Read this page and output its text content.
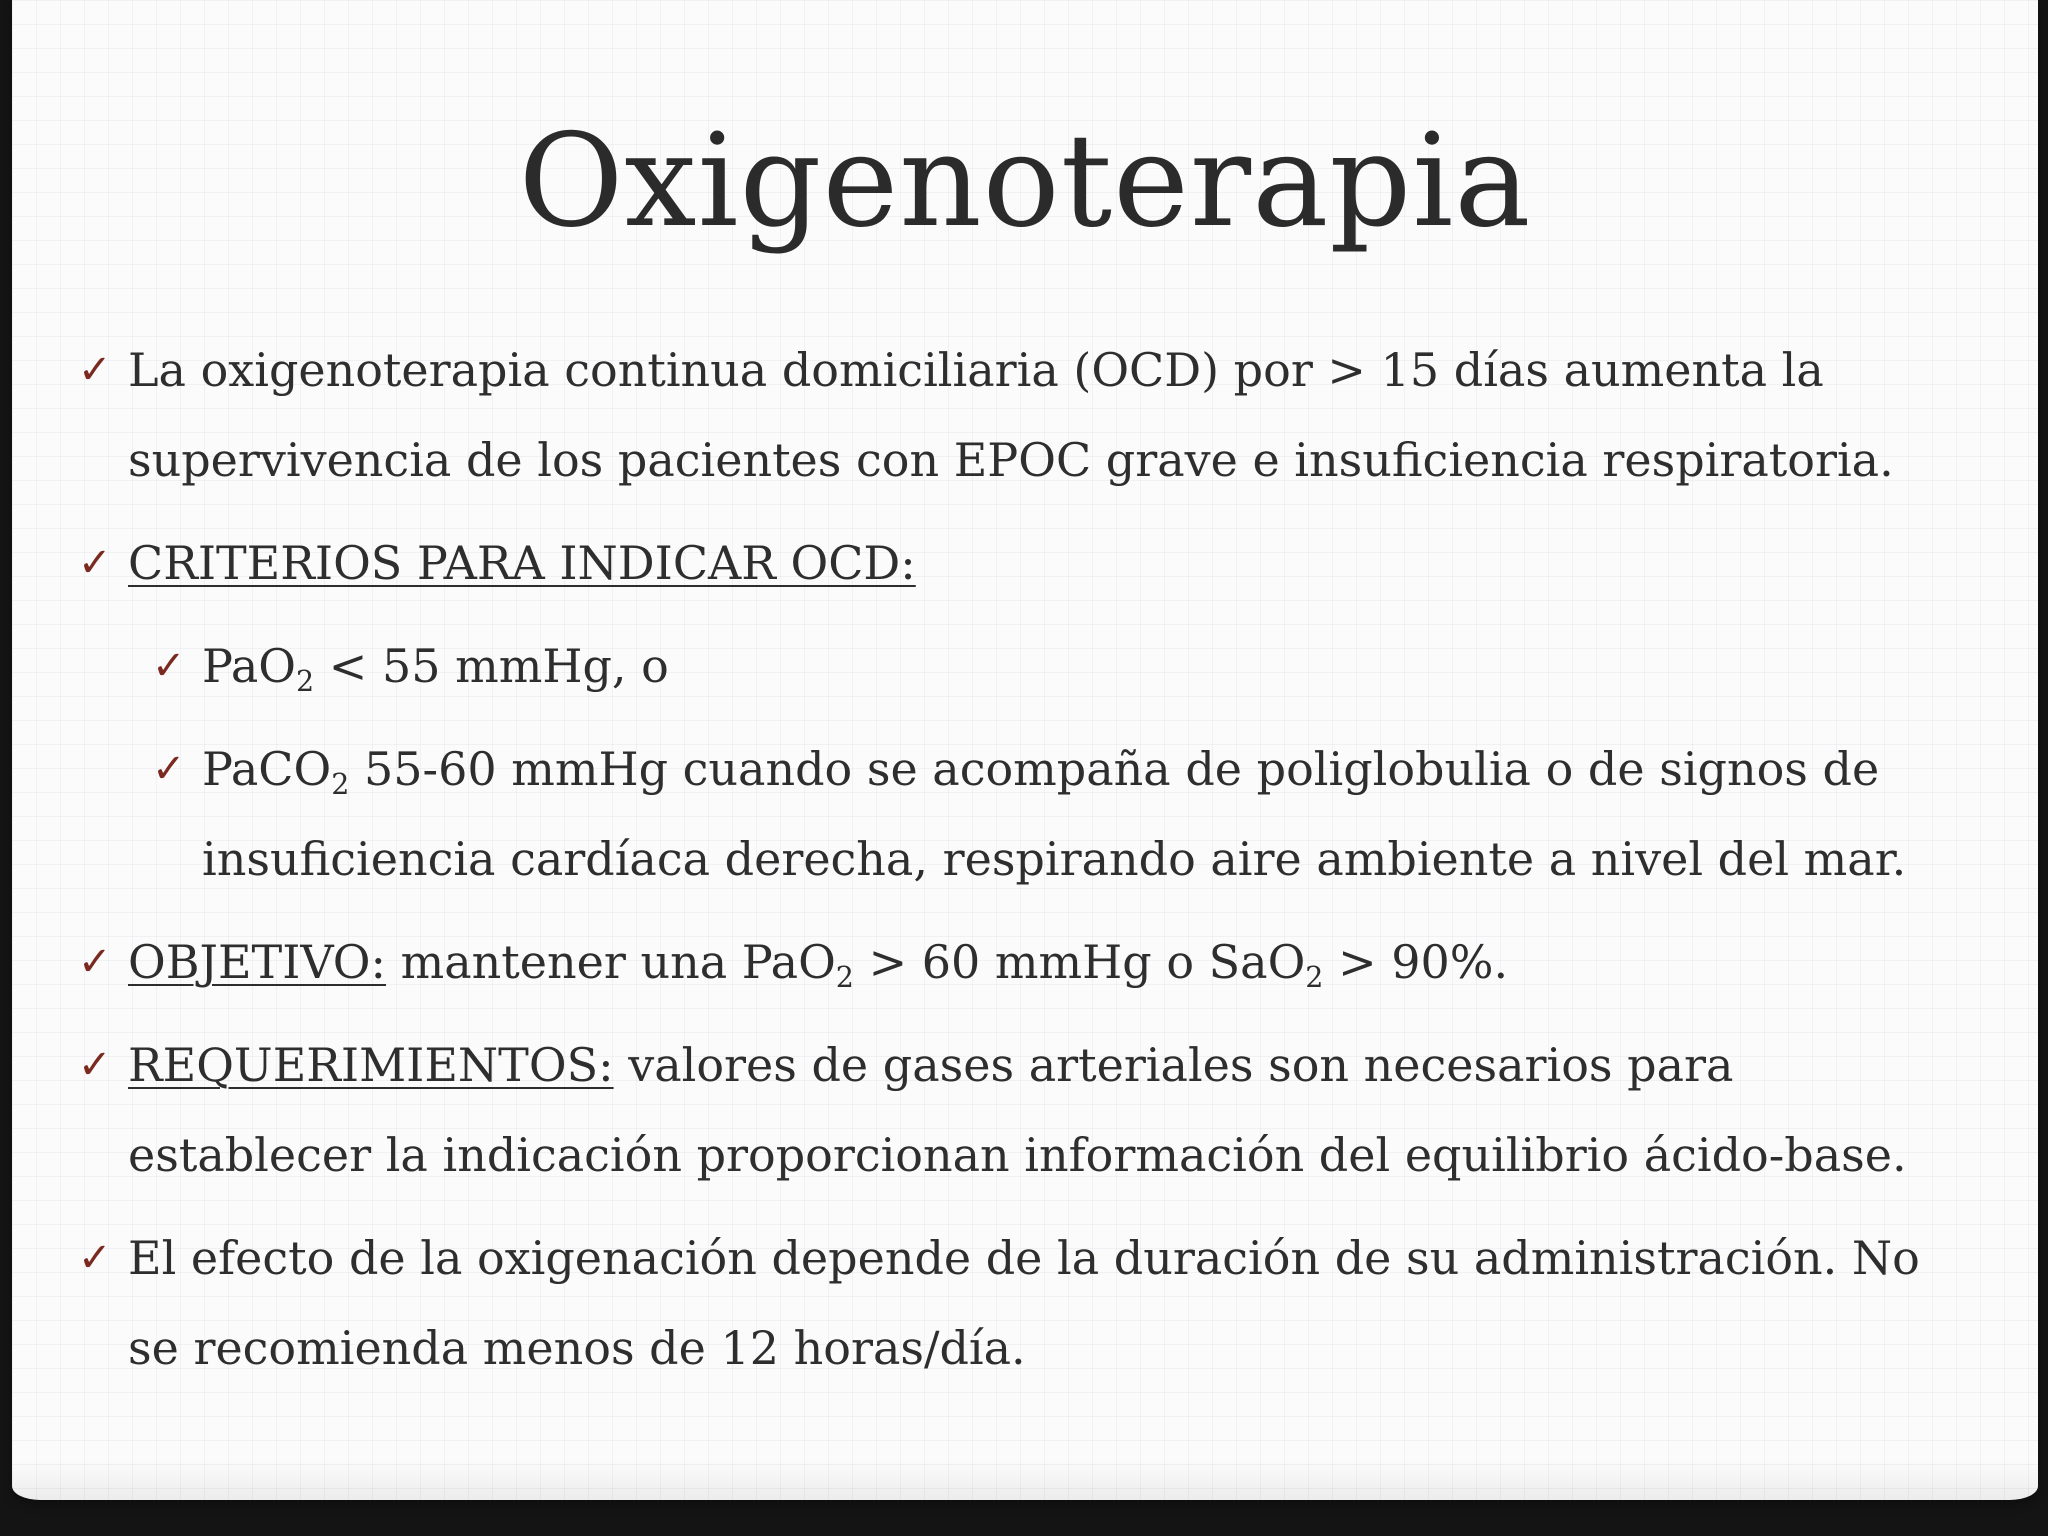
Oxigenoterapia
✓ La oxigenoterapia continua domiciliaria (OCD) por > 15 días aumenta la supervivencia de los pacientes con EPOC grave e insuficiencia respiratoria.
✓ CRITERIOS PARA INDICAR OCD:
✓ PaO$_2$ < 55 mmHg, o
✓ PaCO$_2$ 55-60 mmHg cuando se acompaña de poliglobulia o de signos de insuficiencia cardíaca derecha, respirando aire ambiente a nivel del mar.
✓ OBJETIVO: mantener una PaO$_2$ > 60 mmHg o SaO$_2$ > 90%.
✓ REQUERIMIENTOS: valores de gases arteriales son necesarios para establecer la indicación proporcionan información del equilibrio ácido-base.
✓ El efecto de la oxigenación depende de la duración de su administración. No se recomienda menos de 12 horas/día.
